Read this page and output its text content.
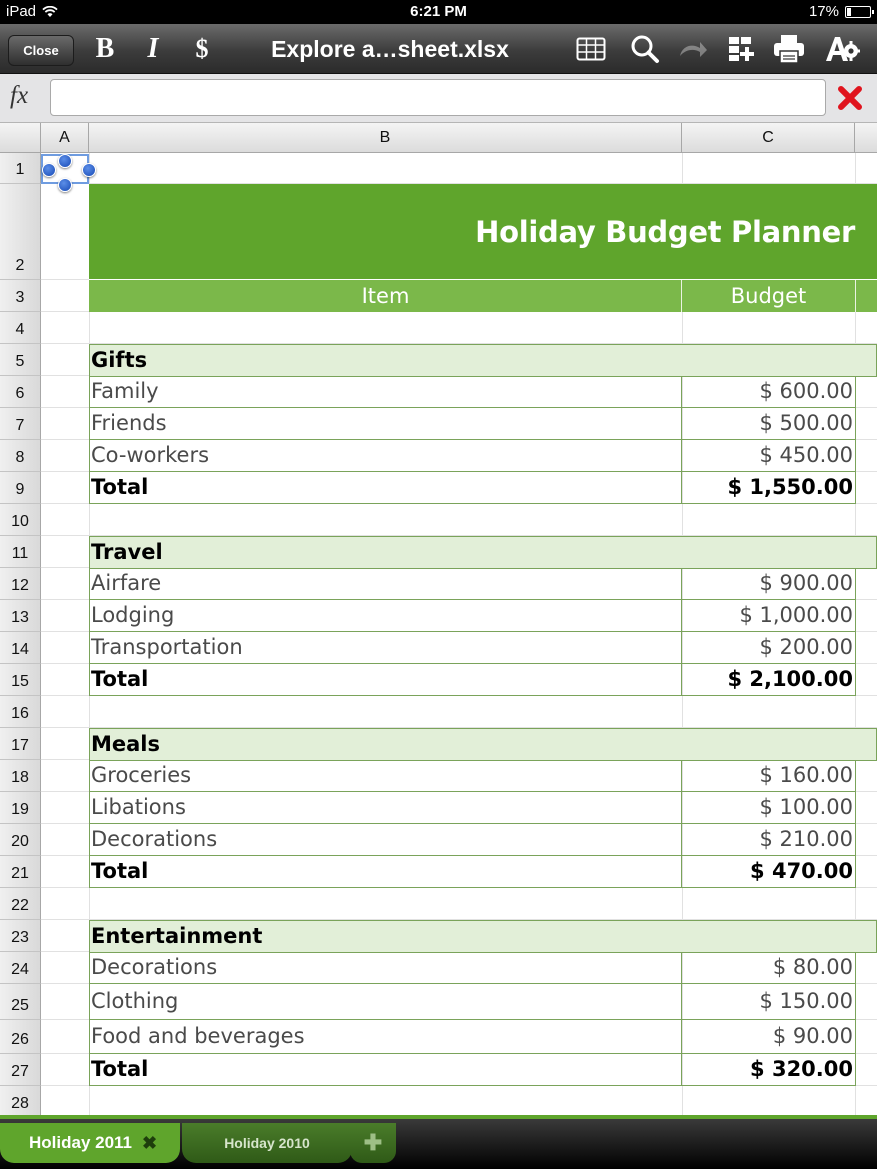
iPad	6:21 PM	17%
Close	B I $	Explore a…sheet.xlsx
fx
A	B	C
1
2
3
4
5
6
7
8
9
10
11
12
13
14
15
16
17
18
19
20
21
22
23
24
25
26
27
28
Holiday Budget Planner
Item	Budget
Gifts
Family	$ 600.00
Friends	$ 500.00
Co-workers	$ 450.00
Total	$ 1,550.00
Travel
Airfare	$ 900.00
Lodging	$ 1,000.00
Transportation	$ 200.00
Total	$ 2,100.00
Meals
Groceries	$ 160.00
Libations	$ 100.00
Decorations	$ 210.00
Total	$ 470.00
Entertainment
Decorations	$ 80.00
Clothing	$ 150.00
Food and beverages	$ 90.00
Total	$ 320.00
Holiday 2011 ✖	Holiday 2010 ✚
